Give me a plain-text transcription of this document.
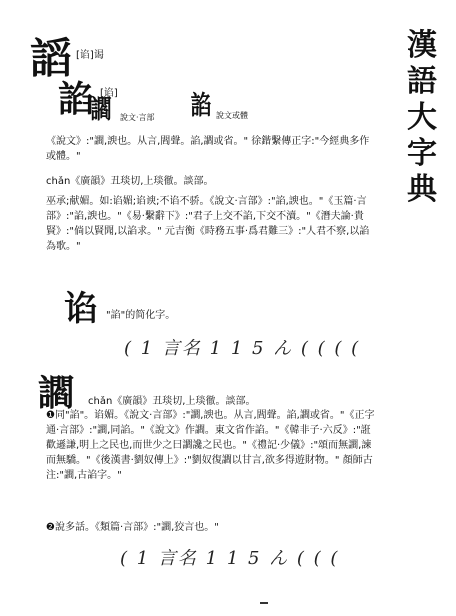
漢
語
大
字
典
謟 [谄]谒
諂 [谄]
讇 說文·言部 諂 說文或體
《說文》:"讇,諛也。从言,閻聲。諂,讇或省。" 徐鍇繫傳正字:"今經典多作或體。"
chǎn《廣韻》丑琰切,上琰徹。談部。
巫承;献媚。如:谄媚;谄谀;不谄不骄。《說文·言部》:"諂,諛也。"《玉篇·言部》:"諂,諛也。"《易·繫辭下》:"君子上交不諂,下交不瀆。"《潛夫論·貴賢》:"倘以賢聞,以諂求。" 元吉衡《時務五事·爲君難三》:"人君不察,以諂為歌。"
谄 "諂"的简化字。
( 1 言名 1 1 5 ん ( ( ( (
讇 chǎn《廣韻》丑琰切,上琰徹。談部。
❶同"諂"。谄媚。《說文·言部》:"讇,諛也。从言,閻聲。諂,讇或省。"《正字通·言部》:"讇,同諂。"《說文》作讇。東文省作諂。"《韓非子·六反》:"誑歡遜謙,明上之民也,而世少之曰讇讒之民也。"《禮記·少儀》:"頌而無讇,諫而無驕。"《後漢書·劉奴傳上》:"劉奴復讇以甘言,欲多得遊財物。" 顏師古注:"讇,古諂字。"
❷說多話。《類篇·言部》:"讇,狡言也。"
( 1 言名 1 1 5 ん ( ( (
